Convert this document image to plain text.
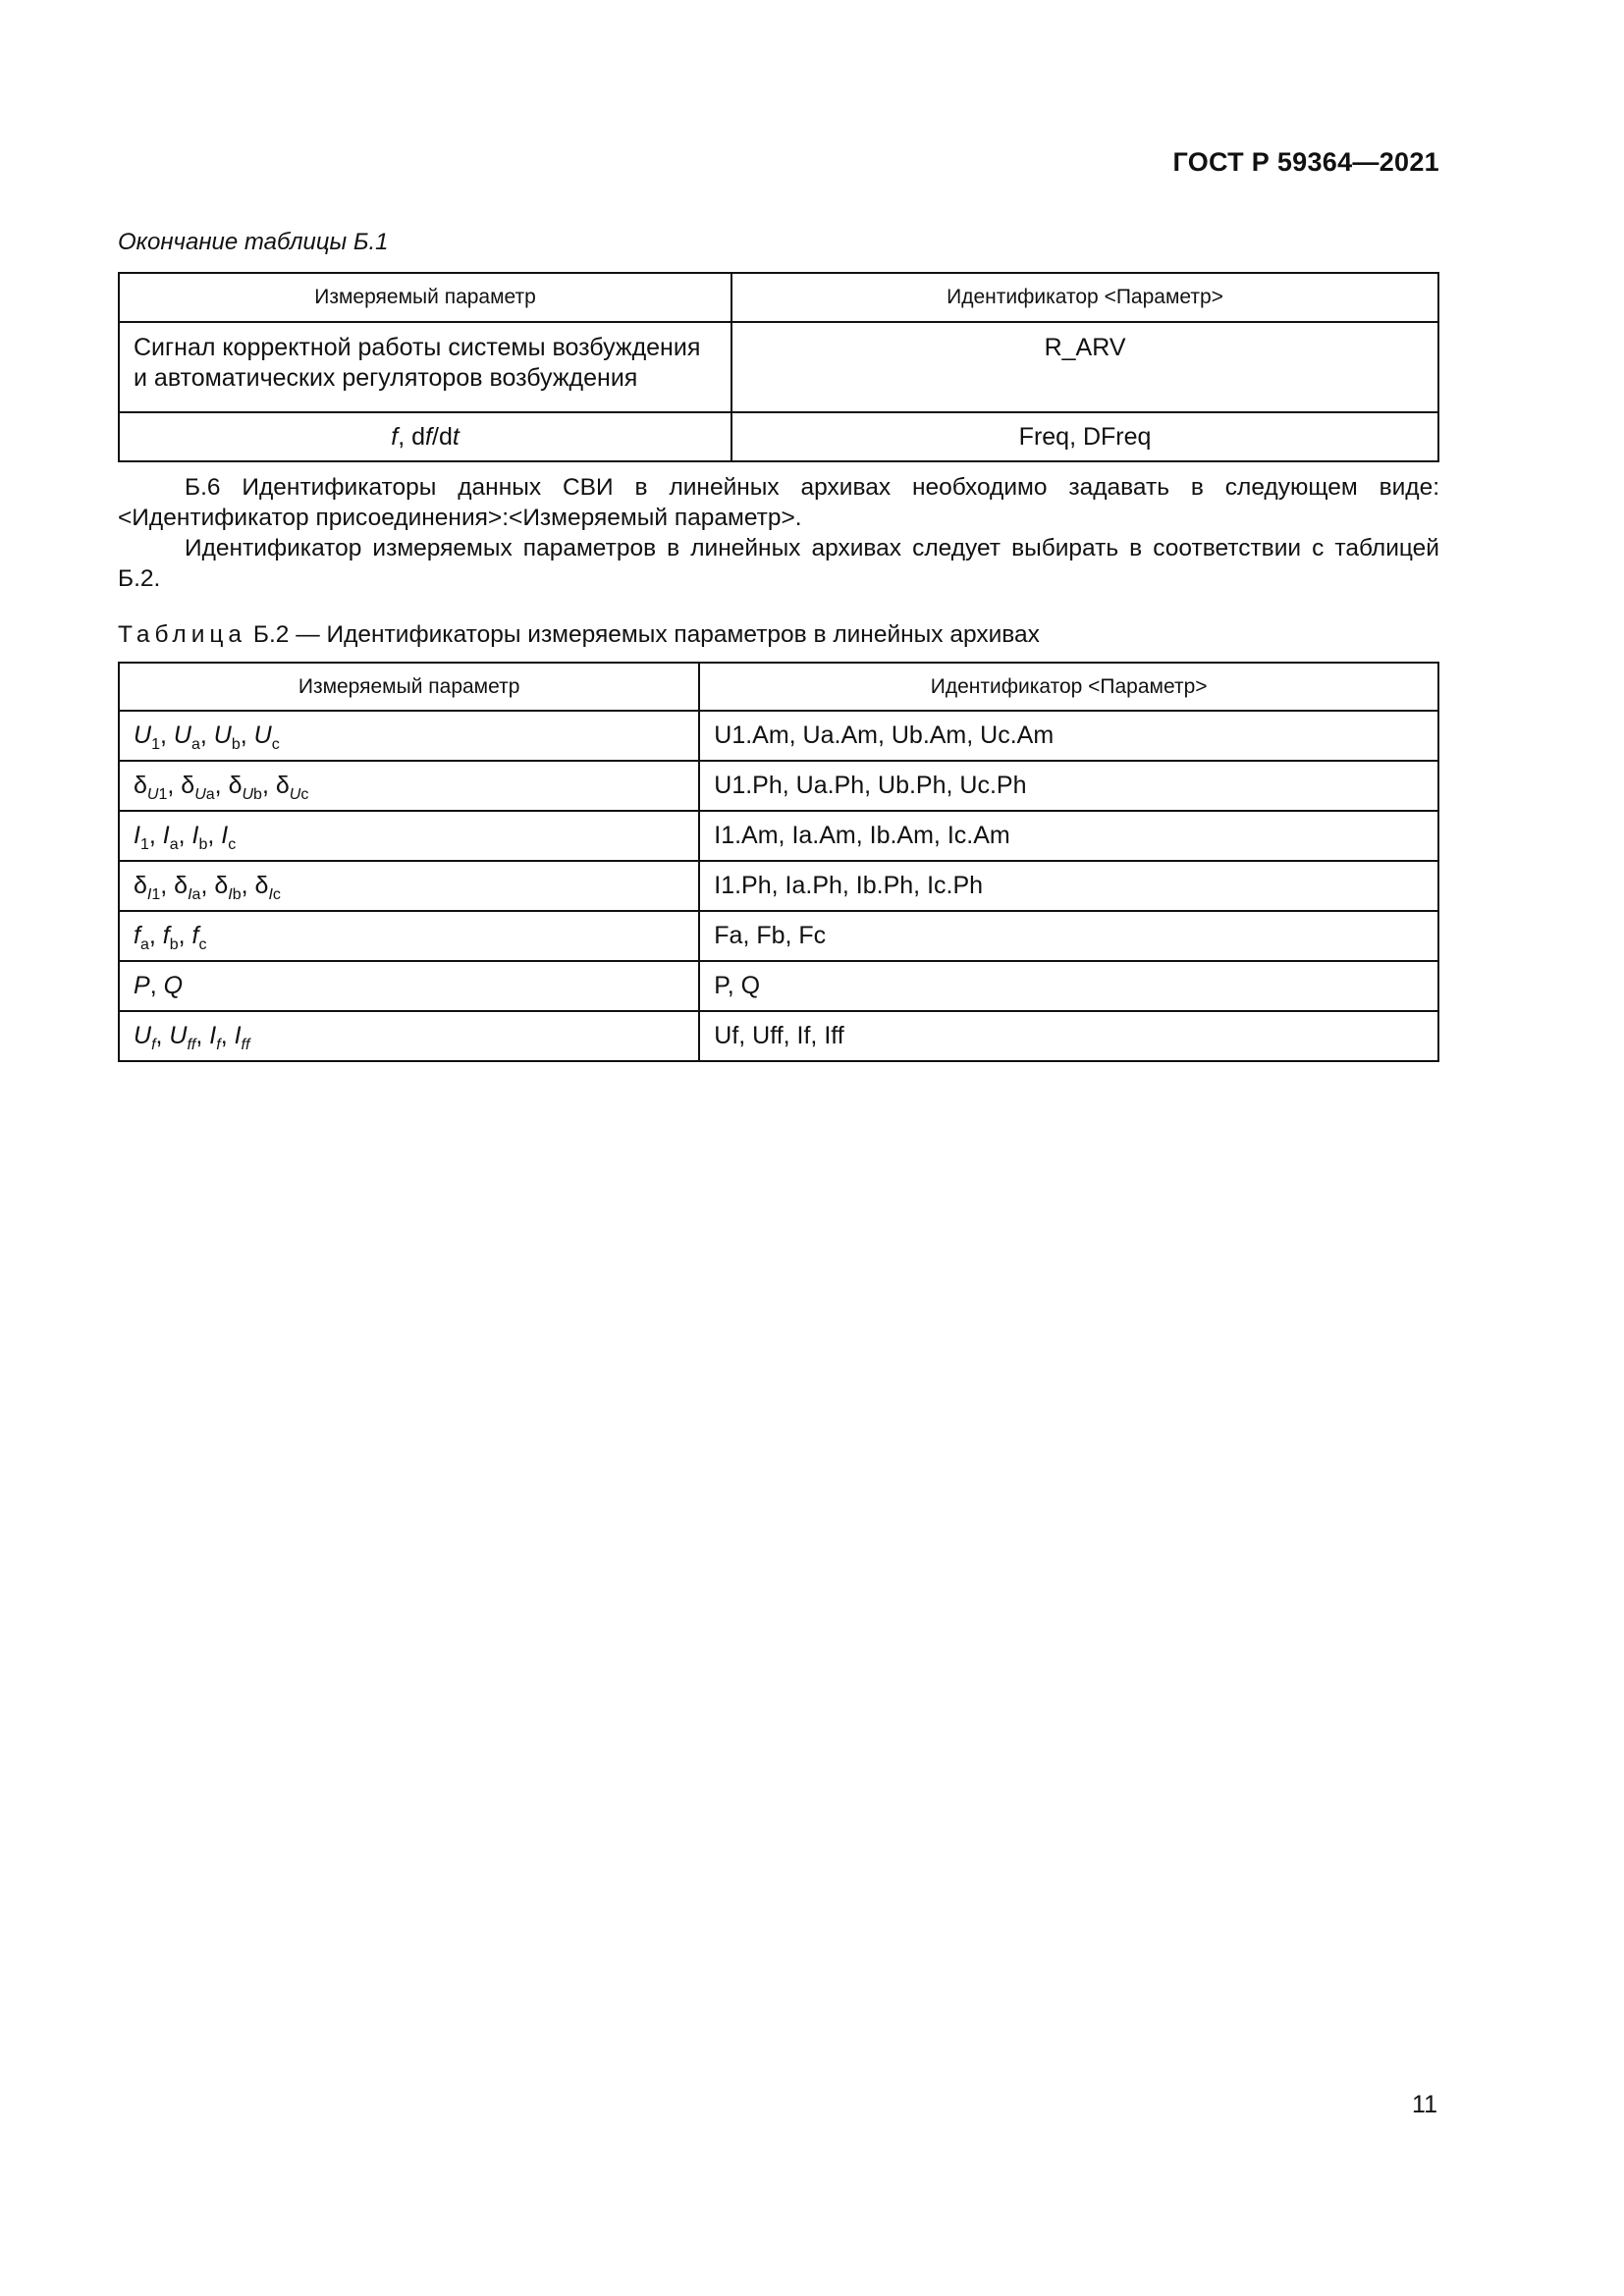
ГОСТ Р 59364—2021
Окончание таблицы Б.1
Измеряемый параметр	Идентификатор <Параметр>

Сигнал корректной работы системы возбуждения
и автоматических регуляторов возбуждения	R_ARV
f, df/dt	Freq, DFreq
Б.6 Идентификаторы данных СВИ в линейных архивах необходимо задавать в следующем виде: <Идентификатор присоединения>:<Измеряемый параметр>.
Идентификатор измеряемых параметров в линейных архивах следует выбирать в соответствии с таблицей Б.2.
Таблица Б.2 — Идентификаторы измеряемых параметров в линейных архивах
Измеряемый параметр	Идентификатор <Параметр>
$U_1$, $U_a$, $U_b$, $U_c$	U1.Am, Ua.Am, Ub.Am, Uc.Am
$\delta_{U1}$, $\delta_{Ua}$, $\delta_{Ub}$, $\delta_{Uc}$	U1.Ph, Ua.Ph, Ub.Ph, Uc.Ph
$I_1$, $I_a$, $I_b$, $I_c$	I1.Am, Ia.Am, Ib.Am, Ic.Am
$\delta_{I1}$, $\delta_{Ia}$, $\delta_{Ib}$, $\delta_{Ic}$	I1.Ph, Ia.Ph, Ib.Ph, Ic.Ph
$f_a$, $f_b$, $f_c$	Fa, Fb, Fc
P, Q	P, Q
$U_f$, $U_{ff}$, $I_f$, $I_{ff}$	Uf, Uff, If, Iff
11
